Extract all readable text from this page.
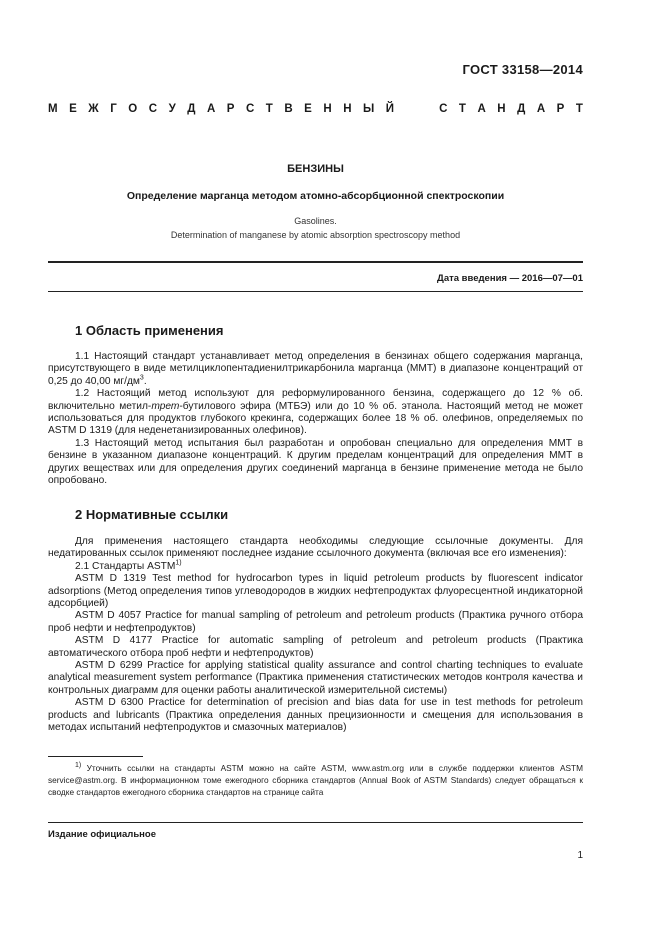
ГОСТ 33158—2014
М Е Ж Г О С У Д А Р С Т В Е Н Н Ы Й	С Т А Н Д А Р Т
БЕНЗИНЫ
Определение марганца методом атомно-абсорбционной спектроскопии
Gasolines.
Determination of manganese by atomic absorption spectroscopy method
Дата введения — 2016—07—01
1 Область применения

1.1 Настоящий стандарт устанавливает метод определения в бензинах общего содержания марганца, присутствующего в виде метилциклопентадиенилтрикарбонила марганца (ММТ) в диапазоне концентраций от 0,25 до 40,00 $мг/дм^3$.

1.2 Настоящий метод используют для реформулированного бензина, содержащего до 12 % об. включительно метил-трет-бутилового эфира (МТБЭ) или до 10 % об. этанола. Настоящий метод не может использоваться для продуктов глубокого крекинга, содержащих более 18 % об. олефинов, определяемых по ASTM D 1319 (для неденетанизированных олефинов).

1.3 Настоящий метод испытания был разработан и опробован специально для определения ММТ в бензине в указанном диапазоне концентраций. К другим пределам концентраций для определения ММТ в других веществах или для определения других соединений марганца в бензине применение метода не было опробовано.

2 Нормативные ссылки

Для применения настоящего стандарта необходимы следующие ссылочные документы. Для недатированных ссылок применяют последнее издание ссылочного документа (включая все его изменения):

2.1 Стандарты ASTM$^{1)}$

ASTM D 1319 Test method for hydrocarbon types in liquid petroleum products by fluorescent indicator adsorptions (Метод определения типов углеводородов в жидких нефтепродуктах флуоресцентной индикаторной адсорбцией)

ASTM D 4057 Practice for manual sampling of petroleum and petroleum products (Практика ручного отбора проб нефти и нефтепродуктов)

ASTM D 4177 Practice for automatic sampling of petroleum and petroleum products (Практика автоматического отбора проб нефти и нефтепродуктов)

ASTM D 6299 Practice for applying statistical quality assurance and control charting techniques to evaluate analytical measurement system performance (Практика применения статистических методов контроля качества и контрольных диаграмм для оценки работы аналитической измерительной системы)

ASTM D 6300 Practice for determination of precision and bias data for use in test methods for petroleum products and lubricants (Практика определения данных прецизионности и смещения для использования в методах испытаний нефтепродуктов и смазочных материалов)

$^{1)}$ Уточнить ссылки на стандарты ASTM можно на сайте ASTM, www.astm.org или в службе поддержки клиентов ASTM service@astm.org. В информационном томе ежегодного сборника стандартов (Annual Book of ASTM Standards) следует обращаться к сводке стандартов ежегодного сборника стандартов на странице сайта

Издание официальное
1
